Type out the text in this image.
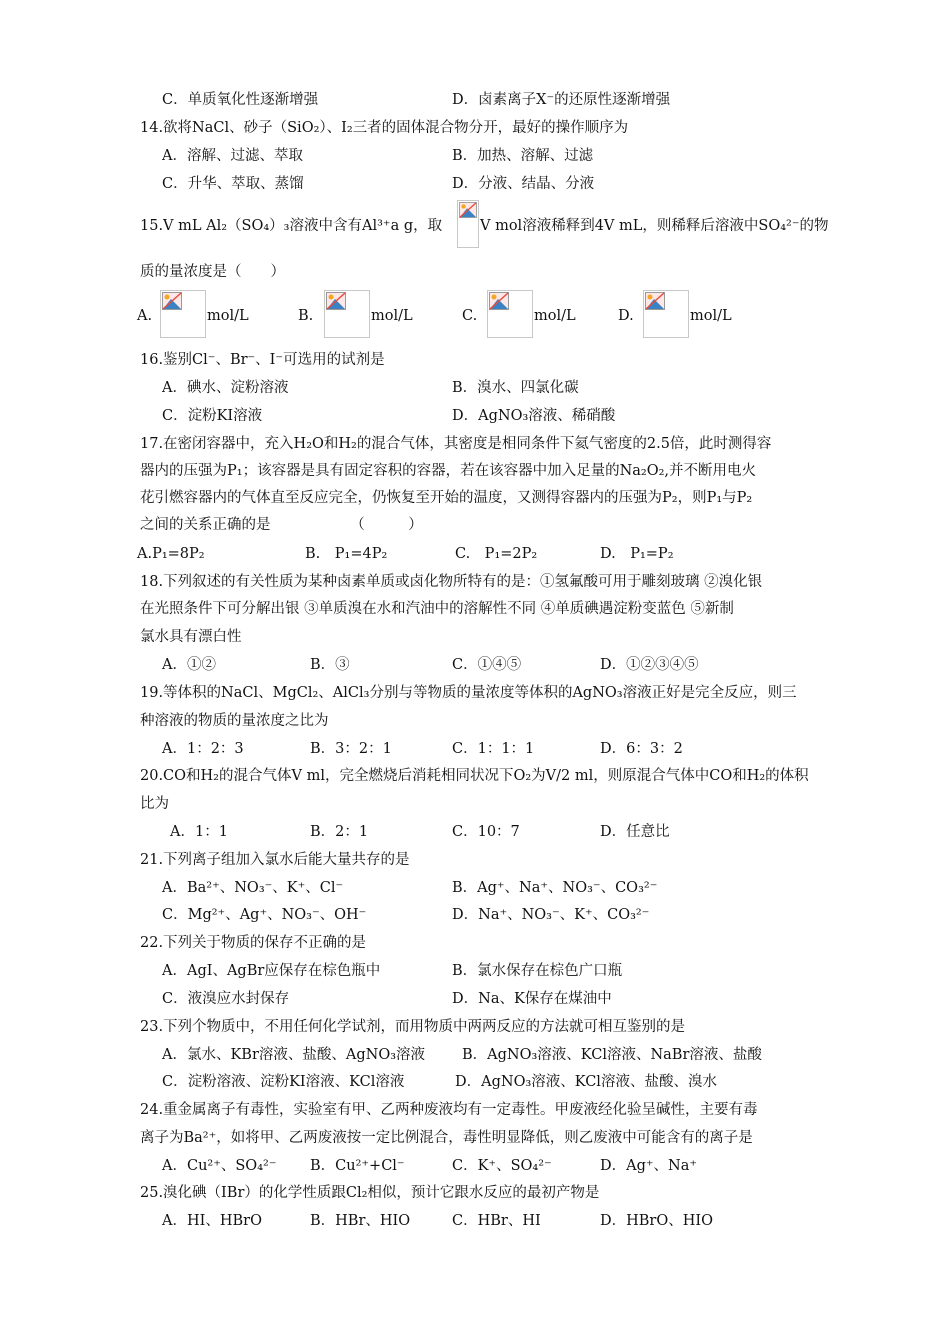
C．单质氧化性逐渐增强	D．卤素离子X⁻的还原性逐渐增强
14.欲将NaCl、砂子（SiO₂）、I₂三者的固体混合物分开，最好的操作顺序为
A．溶解、过滤、萃取	B．加热、溶解、过滤
C．升华、萃取、蒸馏	D．分液、结晶、分液
15.V mL Al₂（SO₄）₃溶液中含有Al³⁺a g，取	V mol溶液稀释到4V mL，则稀释后溶液中SO₄²⁻的物
质的量浓度是（　　）
A.	mol/L	B.	mol/L	C.	mol/L	D.	mol/L
16.鉴别Cl⁻、Br⁻、I⁻可选用的试剂是
A．碘水、淀粉溶液	B．溴水、四氯化碳
C．淀粉KI溶液	D．AgNO₃溶液、稀硝酸
17.在密闭容器中，充入H₂O和H₂的混合气体，其密度是相同条件下氦气密度的2.5倍，此时测得容
器内的压强为P₁；该容器是具有固定容积的容器，若在该容器中加入足量的Na₂O₂,并不断用电火
花引燃容器内的气体直至反应完全，仍恢复至开始的温度，又测得容器内的压强为P₂，则P₁与P₂
之间的关系正确的是　　　　　　（　　　）
A.P₁=8P₂	B.　P₁=4P₂	C.　P₁=2P₂	D.　P₁=P₂
18.下列叙述的有关性质为某种卤素单质或卤化物所特有的是：①氢氟酸可用于雕刻玻璃 ②溴化银
在光照条件下可分解出银 ③单质溴在水和汽油中的溶解性不同 ④单质碘遇淀粉变蓝色 ⑤新制
氯水具有漂白性
A．①②	B．③	C．①④⑤	D．①②③④⑤
19.等体积的NaCl、MgCl₂、AlCl₃分别与等物质的量浓度等体积的AgNO₃溶液正好是完全反应，则三
种溶液的物质的量浓度之比为
A．1：2：3	B．3：2：1	C．1：1：1	D．6：3：2
20.CO和H₂的混合气体V ml，完全燃烧后消耗相同状况下O₂为V/2 ml，则原混合气体中CO和H₂的体积
比为
A．1：1	B．2：1	C．10：7	D．任意比
21.下列离子组加入氯水后能大量共存的是
A．Ba²⁺、NO₃⁻、K⁺、Cl⁻	B．Ag⁺、Na⁺、NO₃⁻、CO₃²⁻
C．Mg²⁺、Ag⁺、NO₃⁻、OH⁻	D．Na⁺、NO₃⁻、K⁺、CO₃²⁻
22.下列关于物质的保存不正确的是
A．AgI、AgBr应保存在棕色瓶中	B．氯水保存在棕色广口瓶
C．液溴应水封保存	D．Na、K保存在煤油中
23.下列个物质中，不用任何化学试剂，而用物质中两两反应的方法就可相互鉴别的是
A．氯水、KBr溶液、盐酸、AgNO₃溶液	B．AgNO₃溶液、KCl溶液、NaBr溶液、盐酸
C．淀粉溶液、淀粉KI溶液、KCl溶液	D．AgNO₃溶液、KCl溶液、盐酸、溴水
24.重金属离子有毒性，实验室有甲、乙两种废液均有一定毒性。甲废液经化验呈碱性，主要有毒
离子为Ba²⁺，如将甲、乙两废液按一定比例混合，毒性明显降低，则乙废液中可能含有的离子是
A．Cu²⁺、SO₄²⁻ B．Cu²⁺+Cl⁻	C．K⁺、SO₄²⁻	D．Ag⁺、Na⁺
25.溴化碘（IBr）的化学性质跟Cl₂相似，预计它跟水反应的最初产物是
A．HI、HBrO	B．HBr、HIO	C．HBr、HI	D．HBrO、HIO
